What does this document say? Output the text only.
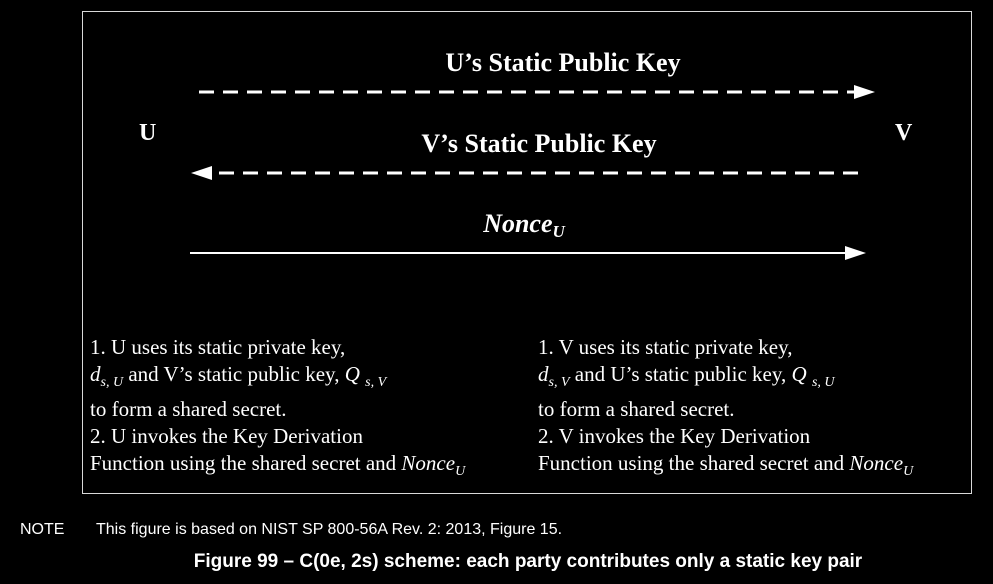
U	V
U’s Static Public Key
V’s Static Public Key
Nonce$_U$
1. U uses its static private key,
$d_{s, U}$ and V’s static public key, Q $_{s, V}$
to form a shared secret.
2. U invokes the Key Derivation
Function using the shared secret and Nonce$_U$
1. V uses its static private key,
$d_{s, V}$ and U’s static public key, Q $_{s, U}$
to form a shared secret.
2. V invokes the Key Derivation
Function using the shared secret and Nonce$_U$
NOTE This figure is based on NIST SP 800-56A Rev. 2: 2013, Figure 15.
Figure 99 – C(0e, 2s) scheme: each party contributes only a static key pair
